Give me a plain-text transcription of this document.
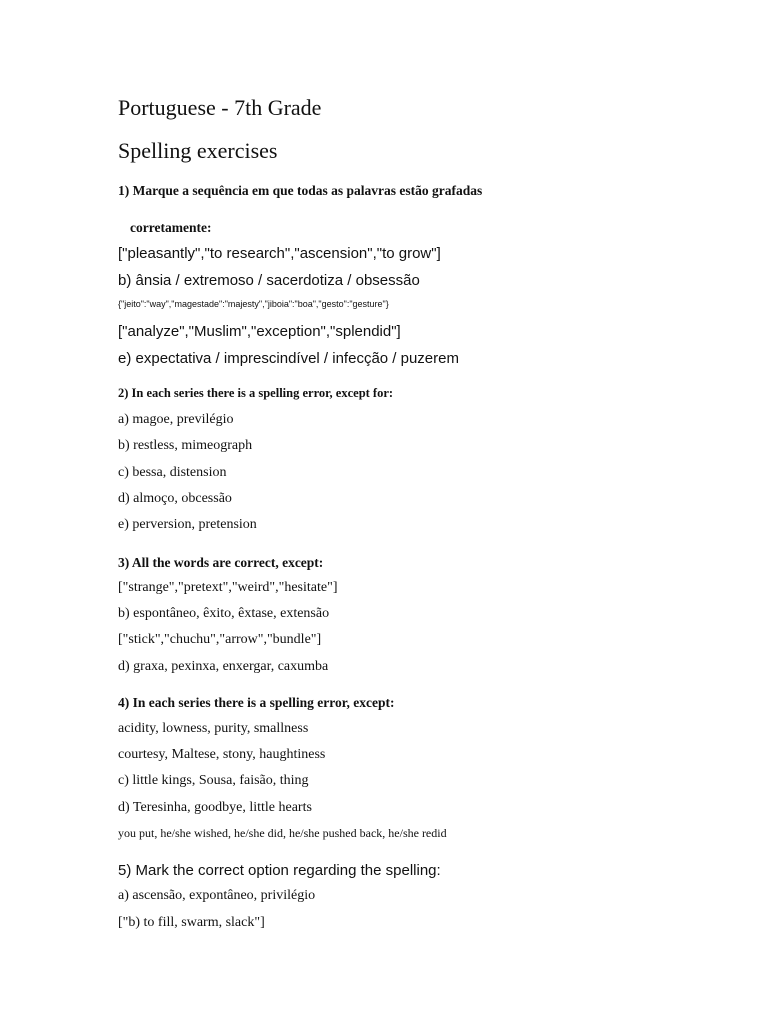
Portuguese - 7th Grade

Spelling exercises

1) Marque a sequência em que todas as palavras estão grafadas

corretamente:

["pleasantly","to research","ascension","to grow"]

b) ânsia / extremoso / sacerdotiza / obsessão

{"jeito":"way","magestade":"majesty","jiboia":"boa","gesto":"gesture"}

["analyze","Muslim","exception","splendid"]

e) expectativa / imprescindível / infecção / puzerem

2) In each series there is a spelling error, except for:

a) magoe, previlégio

b) restless, mimeograph

c) bessa, distension

d) almoço, obcessão

e) perversion, pretension

3) All the words are correct, except:

["strange","pretext","weird","hesitate"]

b) espontâneo, êxito, êxtase, extensão

["stick","chuchu","arrow","bundle"]

d) graxa, pexinxa, enxergar, caxumba

4) In each series there is a spelling error, except:

acidity, lowness, purity, smallness

courtesy, Maltese, stony, haughtiness

c) little kings, Sousa, faisão, thing

d) Teresinha, goodbye, little hearts

you put, he/she wished, he/she did, he/she pushed back, he/she redid

5) Mark the correct option regarding the spelling:

a) ascensão, expontâneo, privilégio

["b) to fill, swarm, slack"]
